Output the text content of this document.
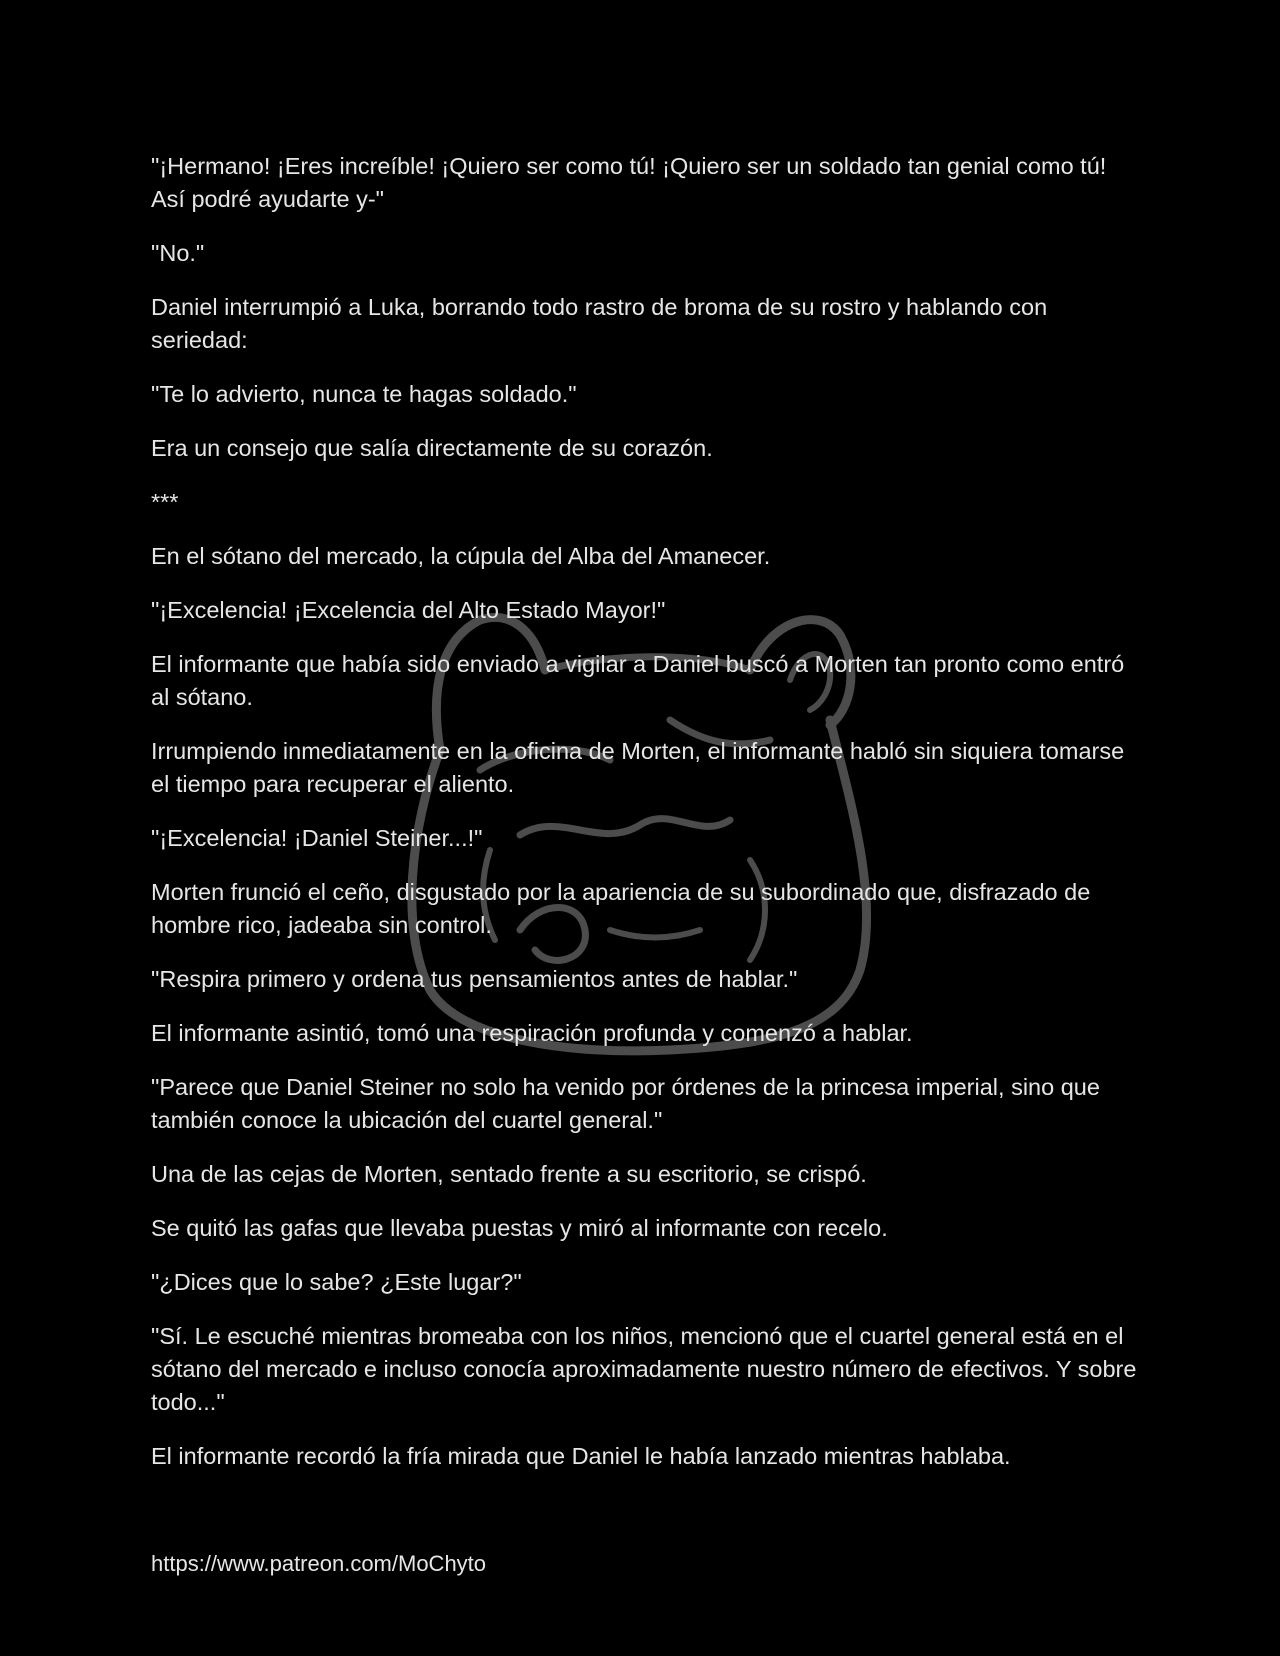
"¡Hermano! ¡Eres increíble! ¡Quiero ser como tú! ¡Quiero ser un soldado tan genial como tú! Así podré ayudarte y-"

"No."

Daniel interrumpió a Luka, borrando todo rastro de broma de su rostro y hablando con seriedad:

"Te lo advierto, nunca te hagas soldado."

Era un consejo que salía directamente de su corazón.

***

En el sótano del mercado, la cúpula del Alba del Amanecer.

"¡Excelencia! ¡Excelencia del Alto Estado Mayor!"

El informante que había sido enviado a vigilar a Daniel buscó a Morten tan pronto como entró al sótano.

Irrumpiendo inmediatamente en la oficina de Morten, el informante habló sin siquiera tomarse el tiempo para recuperar el aliento.

"¡Excelencia! ¡Daniel Steiner...!"

Morten frunció el ceño, disgustado por la apariencia de su subordinado que, disfrazado de hombre rico, jadeaba sin control.

"Respira primero y ordena tus pensamientos antes de hablar."

El informante asintió, tomó una respiración profunda y comenzó a hablar.

"Parece que Daniel Steiner no solo ha venido por órdenes de la princesa imperial, sino que también conoce la ubicación del cuartel general."

Una de las cejas de Morten, sentado frente a su escritorio, se crispó.

Se quitó las gafas que llevaba puestas y miró al informante con recelo.

"¿Dices que lo sabe? ¿Este lugar?"

"Sí. Le escuché mientras bromeaba con los niños, mencionó que el cuartel general está en el sótano del mercado e incluso conocía aproximadamente nuestro número de efectivos. Y sobre todo..."

El informante recordó la fría mirada que Daniel le había lanzado mientras hablaba.

https://www.patreon.com/MoChyto
